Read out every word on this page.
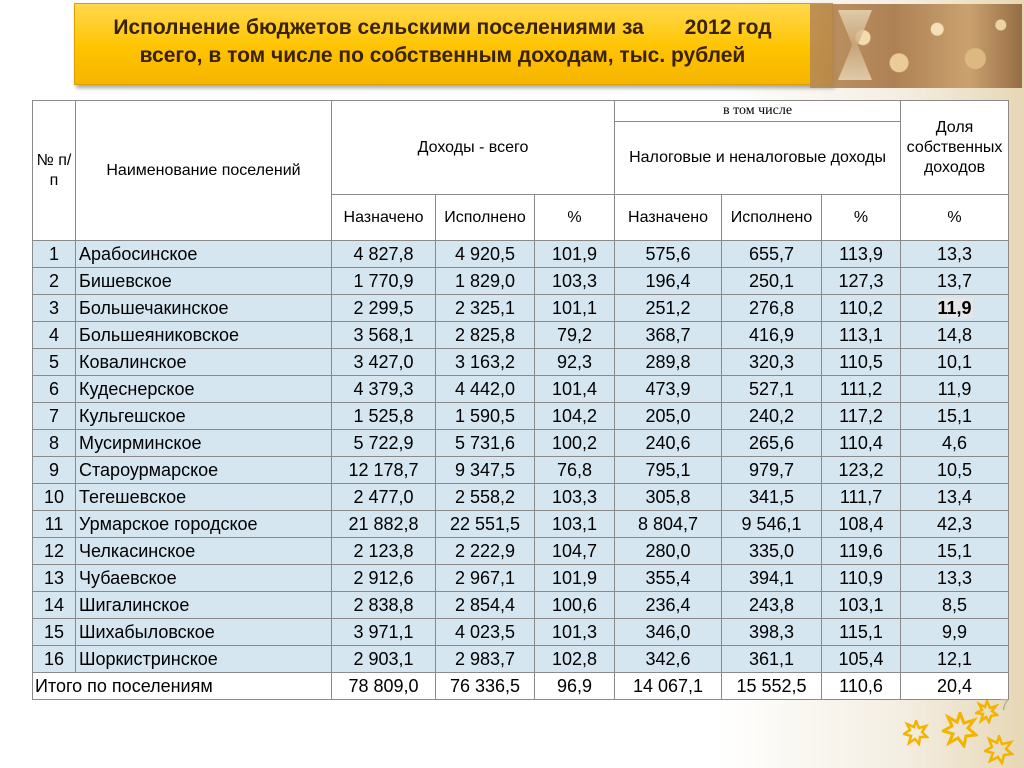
Исполнение бюджетов сельскими поселениями за       2012 год
всего, в том числе по собственным доходам, тыс. рублей
№ п/п	Наименование поселений	Доходы - всего			в том числе			Доля собственных доходов
					Налоговые и неналоговые доходы			
		Назначено	Исполнено	%	Назначено	Исполнено	%	%
1	Арабосинское	4 827,8	4 920,5	101,9	575,6	655,7	113,9	13,3
2	Бишевское	1 770,9	1 829,0	103,3	196,4	250,1	127,3	13,7
3	Большечакинское	2 299,5	2 325,1	101,1	251,2	276,8	110,2	11,9
4	Большеяниковское	3 568,1	2 825,8	79,2	368,7	416,9	113,1	14,8
5	Ковалинское	3 427,0	3 163,2	92,3	289,8	320,3	110,5	10,1
6	Кудеснерское	4 379,3	4 442,0	101,4	473,9	527,1	111,2	11,9
7	Кульгешское	1 525,8	1 590,5	104,2	205,0	240,2	117,2	15,1
8	Мусирминское	5 722,9	5 731,6	100,2	240,6	265,6	110,4	4,6
9	Староурмарское	12 178,7	9 347,5	76,8	795,1	979,7	123,2	10,5
10	Тегешевское	2 477,0	2 558,2	103,3	305,8	341,5	111,7	13,4
11	Урмарское городское	21 882,8	22 551,5	103,1	8 804,7	9 546,1	108,4	42,3
12	Челкасинское	2 123,8	2 222,9	104,7	280,0	335,0	119,6	15,1
13	Чубаевское	2 912,6	2 967,1	101,9	355,4	394,1	110,9	13,3
14	Шигалинское	2 838,8	2 854,4	100,6	236,4	243,8	103,1	8,5
15	Шихабыловское	3 971,1	4 023,5	101,3	346,0	398,3	115,1	9,9
16	Шоркистринское	2 903,1	2 983,7	102,8	342,6	361,1	105,4	12,1
Итого по поселениям		78 809,0	76 336,5	96,9	14 067,1	15 552,5	110,6	20,4
7
